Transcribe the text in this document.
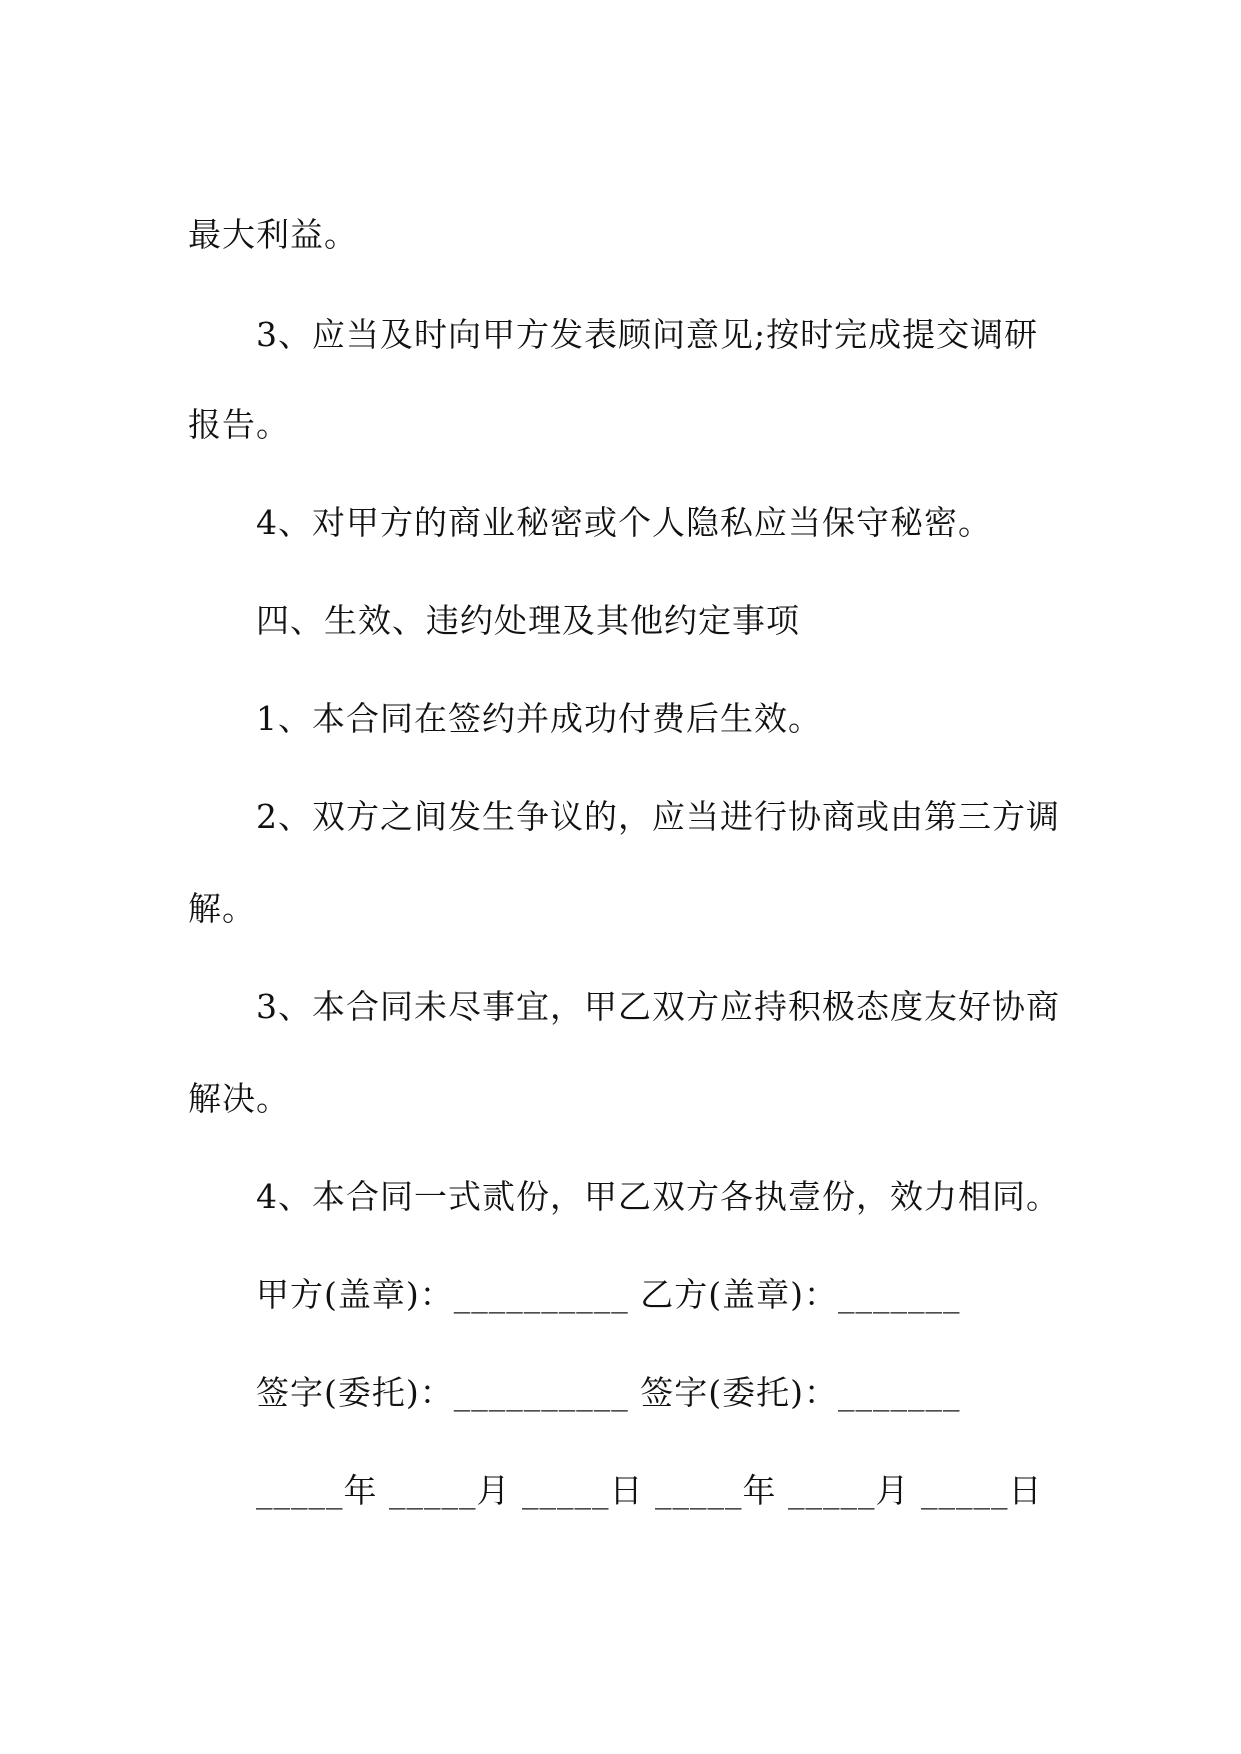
最大利益。

3、应当及时向甲方发表顾问意见;按时完成提交调研

报告。

4、对甲方的商业秘密或个人隐私应当保守秘密。

四、生效、违约处理及其他约定事项

1、本合同在签约并成功付费后生效。

2、双方之间发生争议的，应当进行协商或由第三方调

解。

3、本合同未尽事宜，甲乙双方应持积极态度友好协商

解决。

4、本合同一式贰份，甲乙双方各执壹份，效力相同。

甲方(盖章)：__________ 乙方(盖章)：_______

签字(委托)：__________ 签字(委托)：_______

_____年 _____月 _____日 _____年 _____月 _____日
